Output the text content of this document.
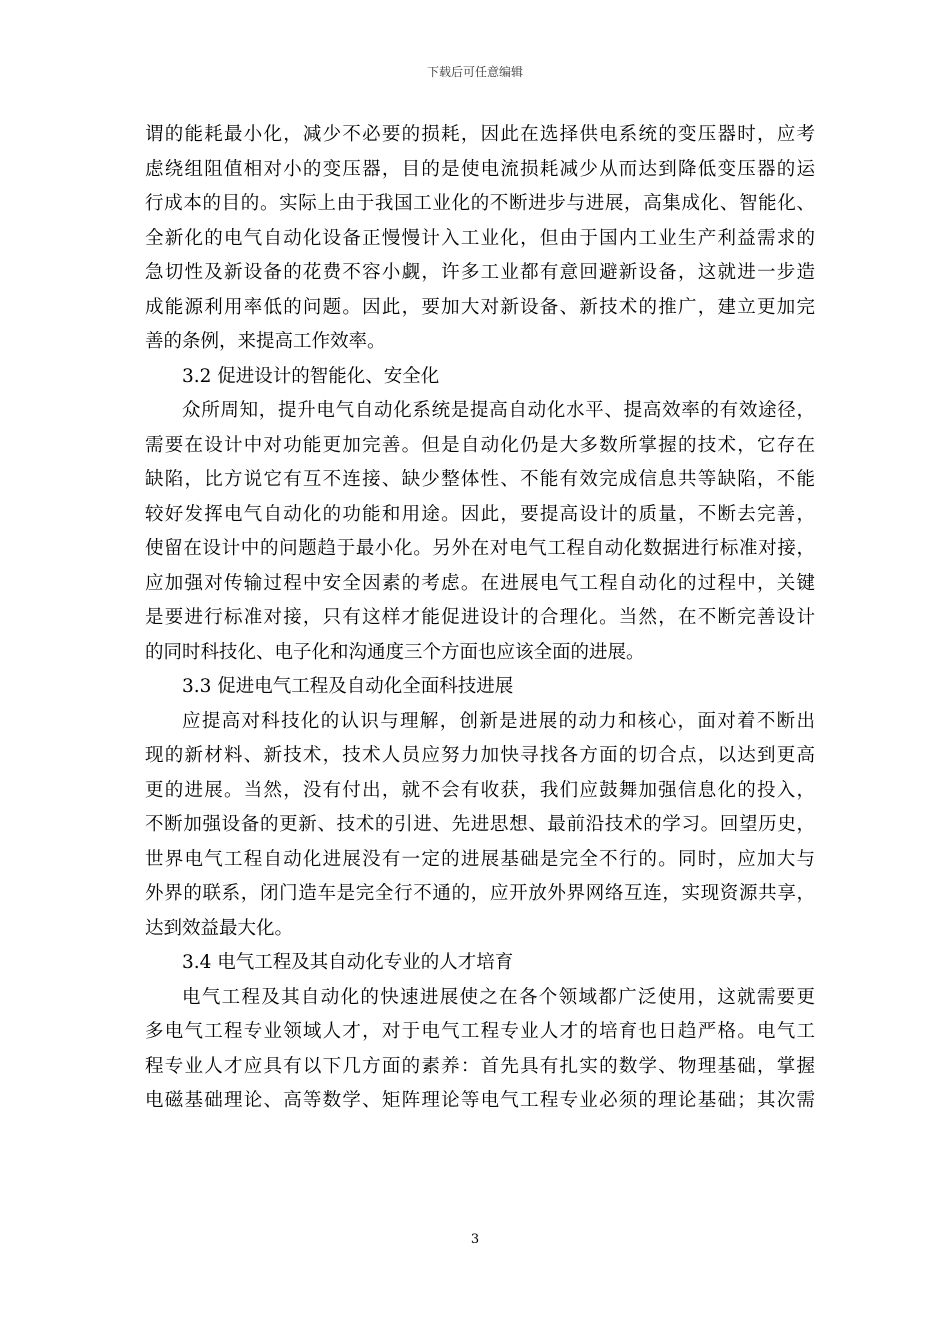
下载后可任意编辑
谓的能耗最小化，减少不必要的损耗，因此在选择供电系统的变压器时，应考
虑绕组阻值相对小的变压器，目的是使电流损耗减少从而达到降低变压器的运
行成本的目的。实际上由于我国工业化的不断进步与进展，高集成化、智能化、
全新化的电气自动化设备正慢慢计入工业化，但由于国内工业生产利益需求的
急切性及新设备的花费不容小觑，许多工业都有意回避新设备，这就进一步造
成能源利用率低的问题。因此，要加大对新设备、新技术的推广，建立更加完
善的条例，来提高工作效率。
3.2 促进设计的智能化、安全化
众所周知，提升电气自动化系统是提高自动化水平、提高效率的有效途径，
需要在设计中对功能更加完善。但是自动化仍是大多数所掌握的技术，它存在
缺陷，比方说它有互不连接、缺少整体性、不能有效完成信息共等缺陷，不能
较好发挥电气自动化的功能和用途。因此，要提高设计的质量，不断去完善，
使留在设计中的问题趋于最小化。另外在对电气工程自动化数据进行标准对接，
应加强对传输过程中安全因素的考虑。在进展电气工程自动化的过程中，关键
是要进行标准对接，只有这样才能促进设计的合理化。当然，在不断完善设计
的同时科技化、电子化和沟通度三个方面也应该全面的进展。
3.3 促进电气工程及自动化全面科技进展
应提高对科技化的认识与理解，创新是进展的动力和核心，面对着不断出
现的新材料、新技术，技术人员应努力加快寻找各方面的切合点，以达到更高
更的进展。当然，没有付出，就不会有收获，我们应鼓舞加强信息化的投入，
不断加强设备的更新、技术的引进、先进思想、最前沿技术的学习。回望历史，
世界电气工程自动化进展没有一定的进展基础是完全不行的。同时，应加大与
外界的联系，闭门造车是完全行不通的，应开放外界网络互连，实现资源共享，
达到效益最大化。
3.4 电气工程及其自动化专业的人才培育
电气工程及其自动化的快速进展使之在各个领域都广泛使用，这就需要更
多电气工程专业领域人才，对于电气工程专业人才的培育也日趋严格。电气工
程专业人才应具有以下几方面的素养：首先具有扎实的数学、物理基础，掌握
电磁基础理论、高等数学、矩阵理论等电气工程专业必须的理论基础；其次需
3
